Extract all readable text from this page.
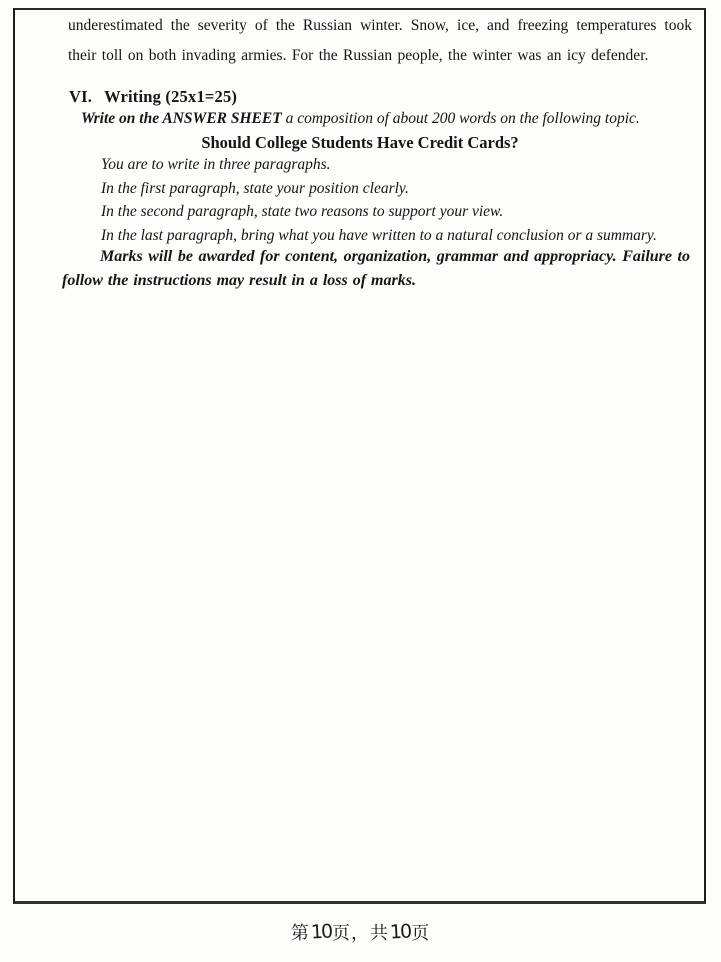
underestimated the severity of the Russian winter. Snow, ice, and freezing temperatures took their toll on both invading armies. For the Russian people, the winter was an icy defender.

VI. Writing (25x1=25)

Write on the ANSWER SHEET a composition of about 200 words on the following topic.

Should College Students Have Credit Cards?

You are to write in three paragraphs.
In the first paragraph, state your position clearly.
In the second paragraph, state two reasons to support your view.
In the last paragraph, bring what you have written to a natural conclusion or a summary.

Marks will be awarded for content, organization, grammar and appropriacy. Failure to follow the instructions may result in a loss of marks.

第10页，共10页
